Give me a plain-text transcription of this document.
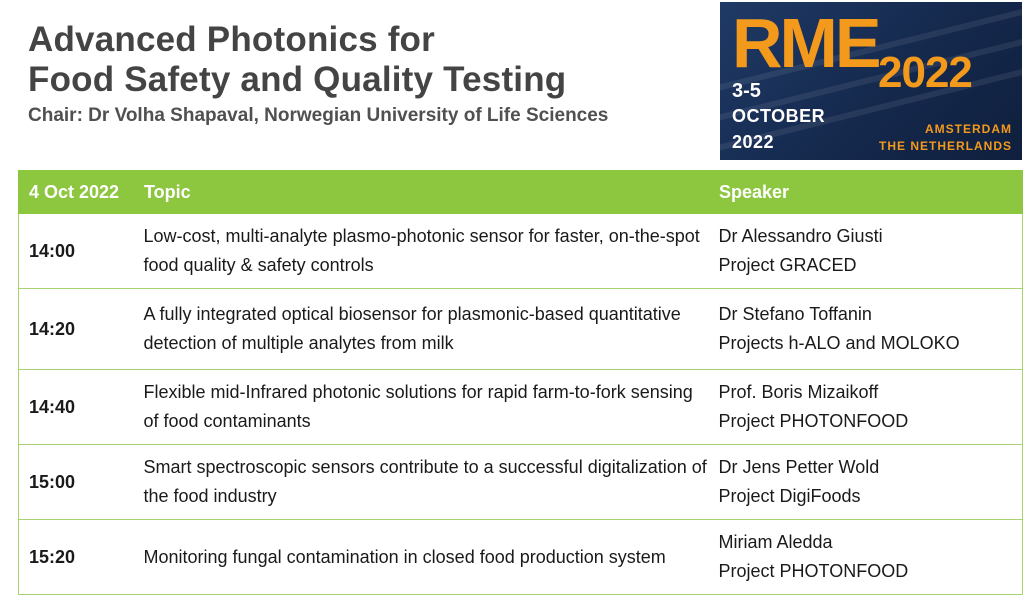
Advanced Photonics for
Food Safety and Quality Testing
Chair: Dr Volha Shapaval, Norwegian University of Life Sciences
RME 2022
3-5
OCTOBER
2022
AMSTERDAM
THE NETHERLANDS
4 Oct 2022	Topic	Speaker
14:00	Low-cost, multi-analyte plasmo-photonic sensor for faster, on-the-spot food quality & safety controls	Dr Alessandro Giusti
Project GRACED

14:20	A fully integrated optical biosensor for plasmonic-based quantitative detection of multiple analytes from milk	Dr Stefano Toffanin
Projects h-ALO and MOLOKO

14:40	Flexible mid-Infrared photonic solutions for rapid farm-to-fork sensing of food contaminants	Prof. Boris Mizaikoff
Project PHOTONFOOD

15:00	Smart spectroscopic sensors contribute to a successful digitalization of the food industry	Dr Jens Petter Wold
Project DigiFoods

15:20	Monitoring fungal contamination in closed food production system	Miriam Aledda
Project PHOTONFOOD
